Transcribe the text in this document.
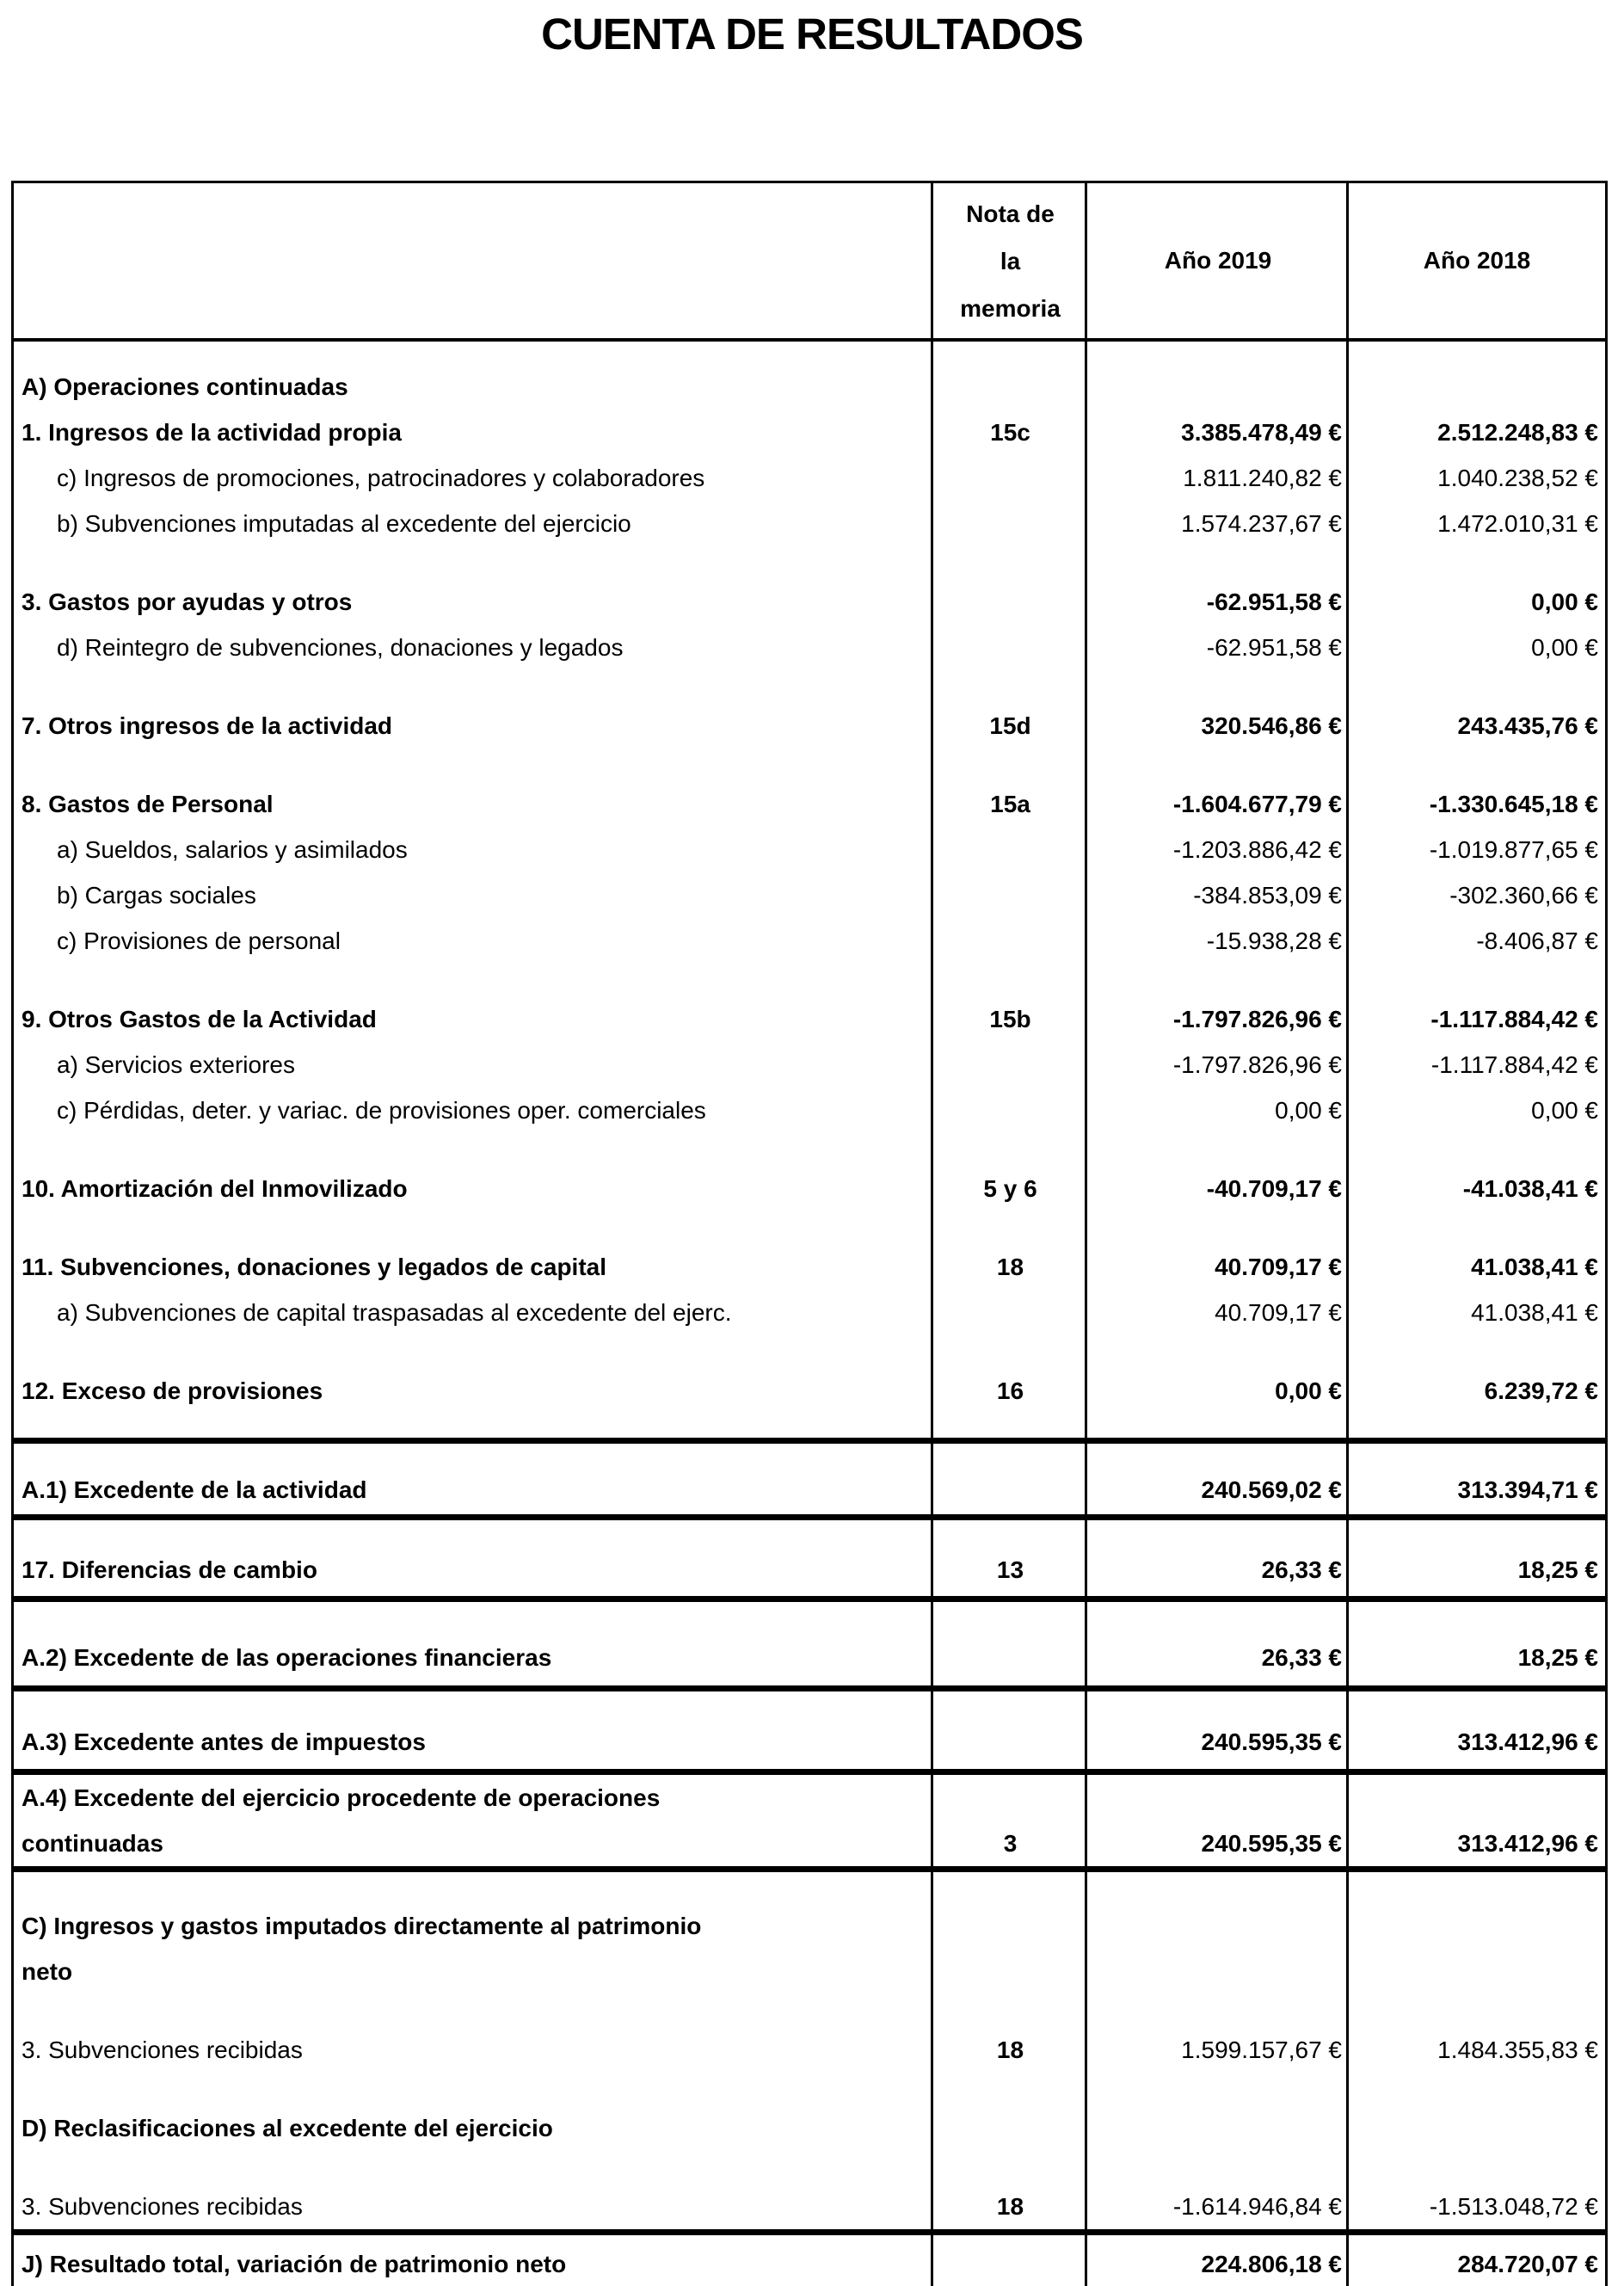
CUENTA DE RESULTADOS
Nota de
la
memoria
Año 2019	Año 2018
A) Operaciones continuadas
1. Ingresos de la actividad propia	15c	3.385.478,49 €	2.512.248,83 €
c) Ingresos de promociones, patrocinadores y colaboradores	1.811.240,82 €	1.040.238,52 €
b) Subvenciones imputadas al excedente del ejercicio	1.574.237,67 €	1.472.010,31 €
3. Gastos por ayudas y otros	-62.951,58 €	0,00 €
d) Reintegro de subvenciones, donaciones y legados	-62.951,58 €	0,00 €
7. Otros ingresos de la actividad	15d	320.546,86 €	243.435,76 €
8. Gastos de Personal	15a	-1.604.677,79 €	-1.330.645,18 €
a) Sueldos, salarios y asimilados	-1.203.886,42 €	-1.019.877,65 €
b) Cargas sociales	-384.853,09 €	-302.360,66 €
c) Provisiones de personal	-15.938,28 €	-8.406,87 €
9. Otros Gastos de la Actividad	15b	-1.797.826,96 €	-1.117.884,42 €
a) Servicios exteriores	-1.797.826,96 €	-1.117.884,42 €
c) Pérdidas, deter. y variac. de provisiones oper. comerciales	0,00 €	0,00 €
10. Amortización del Inmovilizado	5 y 6	-40.709,17 €	-41.038,41 €
11. Subvenciones, donaciones y legados de capital	18	40.709,17 €	41.038,41 €
a) Subvenciones de capital traspasadas al excedente del ejerc.	40.709,17 €	41.038,41 €
12. Exceso de provisiones	16	0,00 €	6.239,72 €
A.1) Excedente de la actividad	240.569,02 €	313.394,71 €
17. Diferencias de cambio	13	26,33 €	18,25 €
A.2) Excedente de las operaciones financieras	26,33 €	18,25 €
A.3) Excedente antes de impuestos	240.595,35 €	313.412,96 €
A.4) Excedente del ejercicio procedente de operaciones
continuadas	3	240.595,35 €	313.412,96 €
C) Ingresos y gastos imputados directamente al patrimonio
neto
3. Subvenciones recibidas	18	1.599.157,67 €	1.484.355,83 €
D) Reclasificaciones al excedente del ejercicio
3. Subvenciones recibidas	18	-1.614.946,84 €	-1.513.048,72 €
J) Resultado total, variación de patrimonio neto	224.806,18 €	284.720,07 €
